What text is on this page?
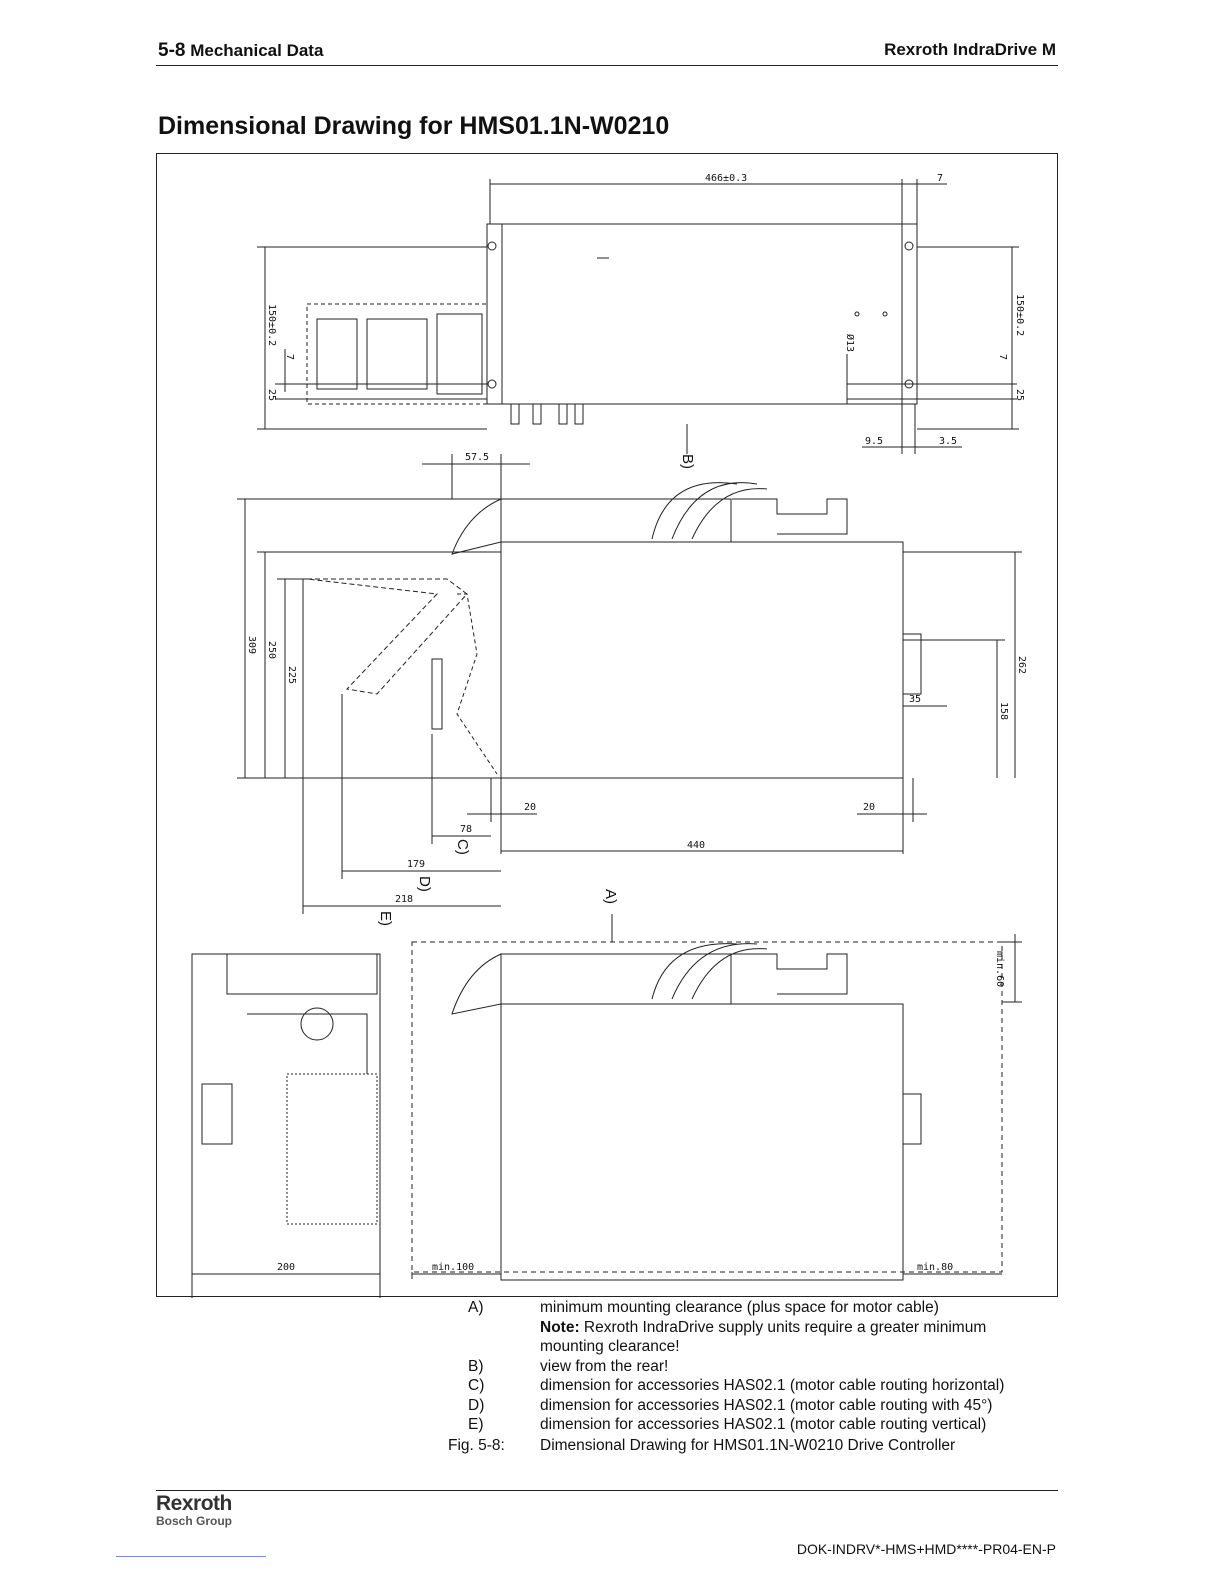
5-8 Mechanical Data	Rexroth IndraDrive M
Dimensional Drawing for HMS01.1N-W0210
466±0.3	7
150±0.2	150±0.2
7	7
25	25
Ø13
9.5	3.5
57.5
309 250
225
262
158
35
20	20
78
440
179
218
min.60
200	min.100	min.80
B)
C)
D)
E)
A)
A)	minimum mounting clearance (plus space for motor cable)
Note: Rexroth IndraDrive supply units require a greater minimum
mounting clearance!
B)	view from the rear!
C)	dimension for accessories HAS02.1 (motor cable routing horizontal)
D)	dimension for accessories HAS02.1 (motor cable routing with 45°)
E)	dimension for accessories HAS02.1 (motor cable routing vertical)
Fig. 5-8:	Dimensional Drawing for HMS01.1N-W0210 Drive Controller
Rexroth
Bosch Group
DOK-INDRV*-HMS+HMD****-PR04-EN-P
